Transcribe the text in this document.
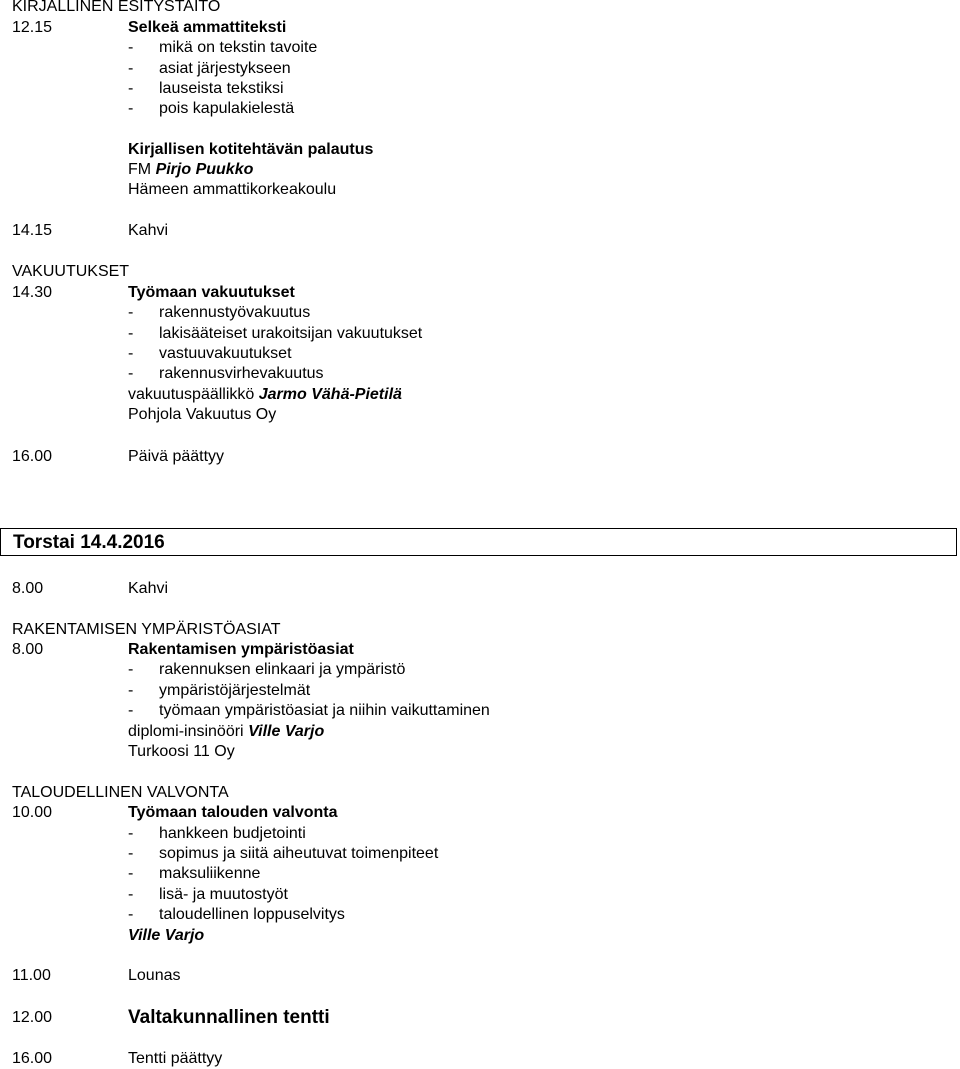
KIRJALLINEN ESITYSTAITO
12.15	Selkeä ammattiteksti
- mikä on tekstin tavoite
- asiat järjestykseen
- lauseista tekstiksi
- pois kapulakielestä
Kirjallisen kotitehtävän palautus
FM Pirjo Puukko
Hämeen ammattikorkeakoulu
14.15	Kahvi
VAKUUTUKSET
14.30	Työmaan vakuutukset
- rakennustyövakuutus
- lakisääteiset urakoitsijan vakuutukset
- vastuuvakuutukset
- rakennusvirhevakuutus
vakuutuspäällikkö Jarmo Vähä-Pietilä
Pohjola Vakuutus Oy
16.00	Päivä päättyy
Torstai 14.4.2016
8.00	Kahvi
RAKENTAMISEN YMPÄRISTÖASIAT
8.00	Rakentamisen ympäristöasiat
- rakennuksen elinkaari ja ympäristö
- ympäristöjärjestelmät
- työmaan ympäristöasiat ja niihin vaikuttaminen
diplomi-insinööri Ville Varjo
Turkoosi 11 Oy
TALOUDELLINEN VALVONTA
10.00	Työmaan talouden valvonta
- hankkeen budjetointi
- sopimus ja siitä aiheutuvat toimenpiteet
- maksuliikenne
- lisä- ja muutostyöt
- taloudellinen loppuselvitys
Ville Varjo
11.00	Lounas
12.00	Valtakunnallinen tentti
16.00	Tentti päättyy
